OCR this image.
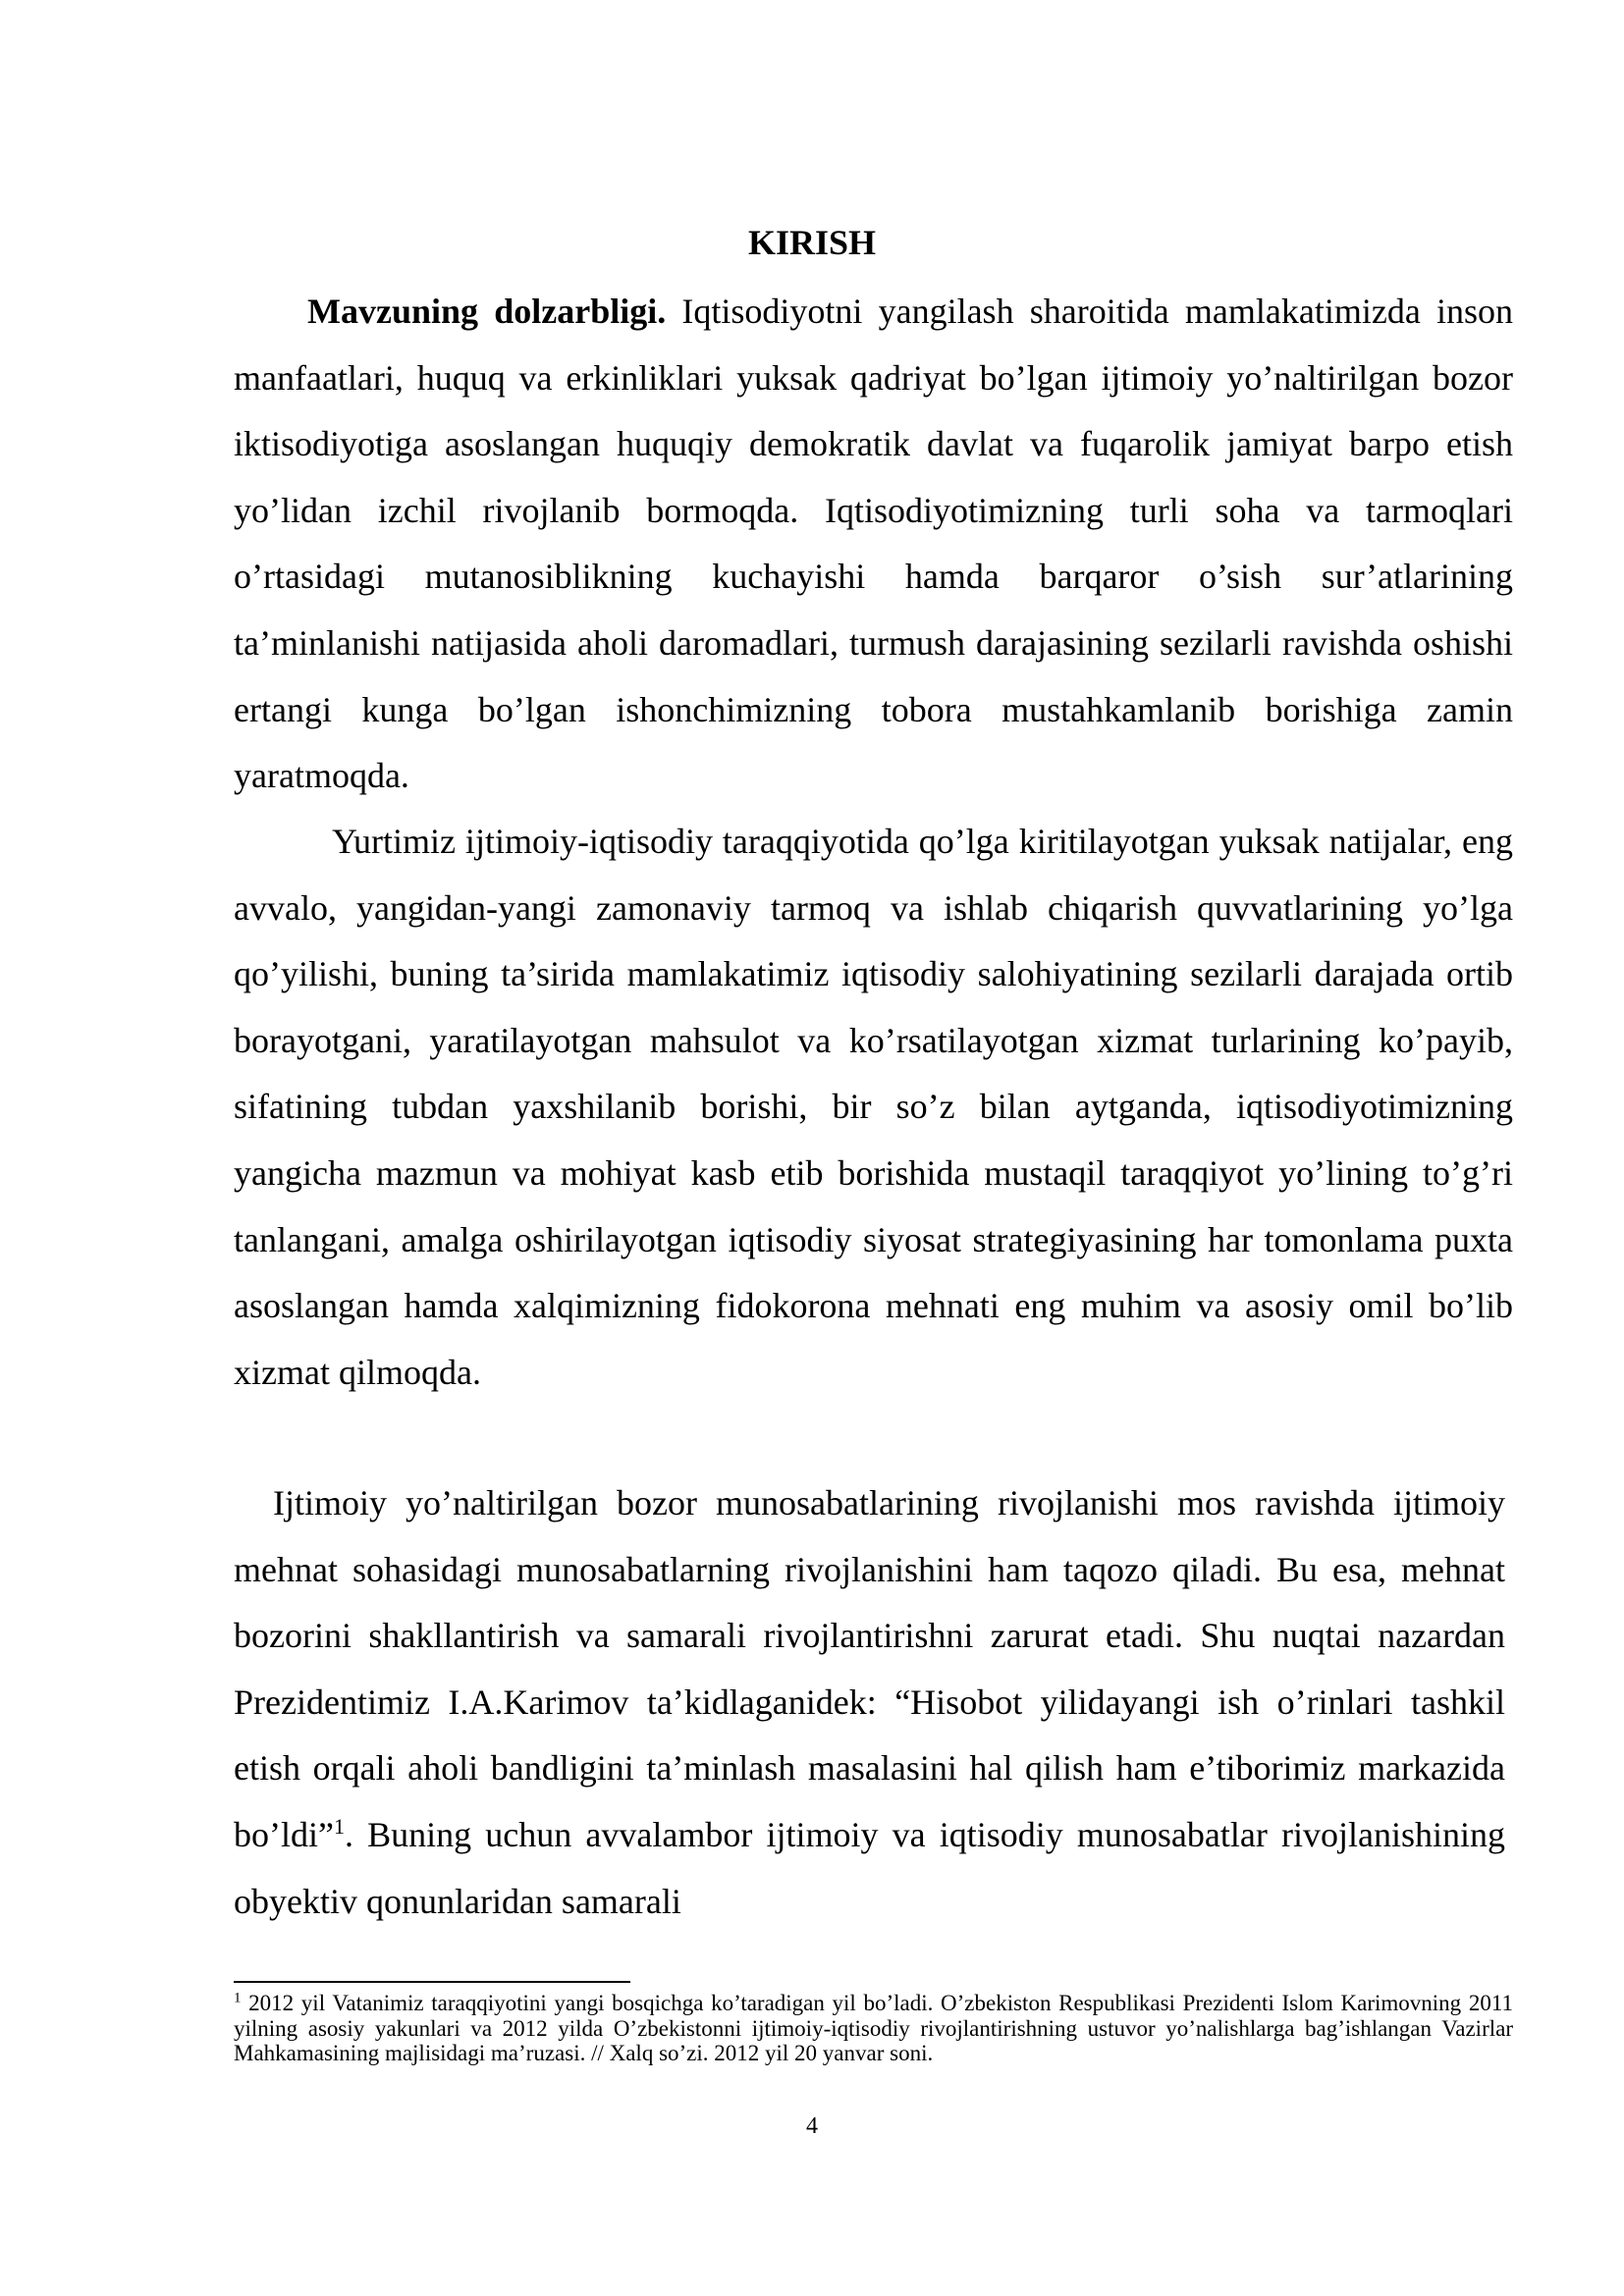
KIRISH

Mavzuning dolzarbligi. Iqtisodiyotni yangilash sharoitida mamlakatimizda inson manfaatlari, huquq va erkinliklari yuksak qadriyat bo’lgan ijtimoiy yo’naltirilgan bozor iktisodiyotiga asoslangan huquqiy demokratik davlat va fuqarolik jamiyat barpo etish yo’lidan izchil rivojlanib bormoqda. Iqtisodiyotimizning turli soha va tarmoqlari o’rtasidagi mutanosiblikning kuchayishi hamda barqaror o’sish sur’atlarining ta’minlanishi natijasida aholi daromadlari, turmush darajasining sezilarli ravishda oshishi ertangi kunga bo’lgan ishonchimizning tobora mustahkamlanib borishiga zamin yaratmoqda.

Yurtimiz ijtimoiy-iqtisodiy taraqqiyotida qo’lga kiritilayotgan yuksak natijalar, eng avvalo, yangidan-yangi zamonaviy tarmoq va ishlab chiqarish quvvatlarining yo’lga qo’yilishi, buning ta’sirida mamlakatimiz iqtisodiy salohiyatining sezilarli darajada ortib borayotgani, yaratilayotgan mahsulot va ko’rsatilayotgan xizmat turlarining ko’payib, sifatining tubdan yaxshilanib borishi, bir so’z bilan aytganda, iqtisodiyotimizning yangicha mazmun va mohiyat kasb etib borishida mustaqil taraqqiyot yo’lining to’g’ri tanlangani, amalga oshirilayotgan iqtisodiy siyosat strategiyasining har tomonlama puxta asoslangan hamda xalqimizning fidokorona mehnati eng muhim va asosiy omil bo’lib xizmat qilmoqda.

Ijtimoiy yo’naltirilgan bozor munosabatlarining rivojlanishi mos ravishda ijtimoiy mehnat sohasidagi munosabatlarning rivojlanishini ham taqozo qiladi. Bu esa, mehnat bozorini shakllantirish va samarali rivojlantirishni zarurat etadi. Shu nuqtai nazardan Prezidentimiz I.A.Karimov ta’kidlaganidek: “Hisobot yilidayangi ish o’rinlari tashkil etish orqali aholi bandligini ta’minlash masalasini hal qilish ham e’tiborimiz markazida bo’ldi”$^1$. Buning uchun avvalambor ijtimoiy va iqtisodiy munosabatlar rivojlanishining obyektiv qonunlaridan samarali

$^1$ 2012 yil Vatanimiz taraqqiyotini yangi bosqichga ko’taradigan yil bo’ladi. O’zbekiston Respublikasi Prezidenti Islom Karimovning 2011 yilning asosiy yakunlari va 2012 yilda O’zbekistonni ijtimoiy-iqtisodiy rivojlantirishning ustuvor yo’nalishlarga bag’ishlangan Vazirlar Mahkamasining majlisidagi ma’ruzasi. // Xalq so’zi. 2012 yil 20 yanvar soni.

4
